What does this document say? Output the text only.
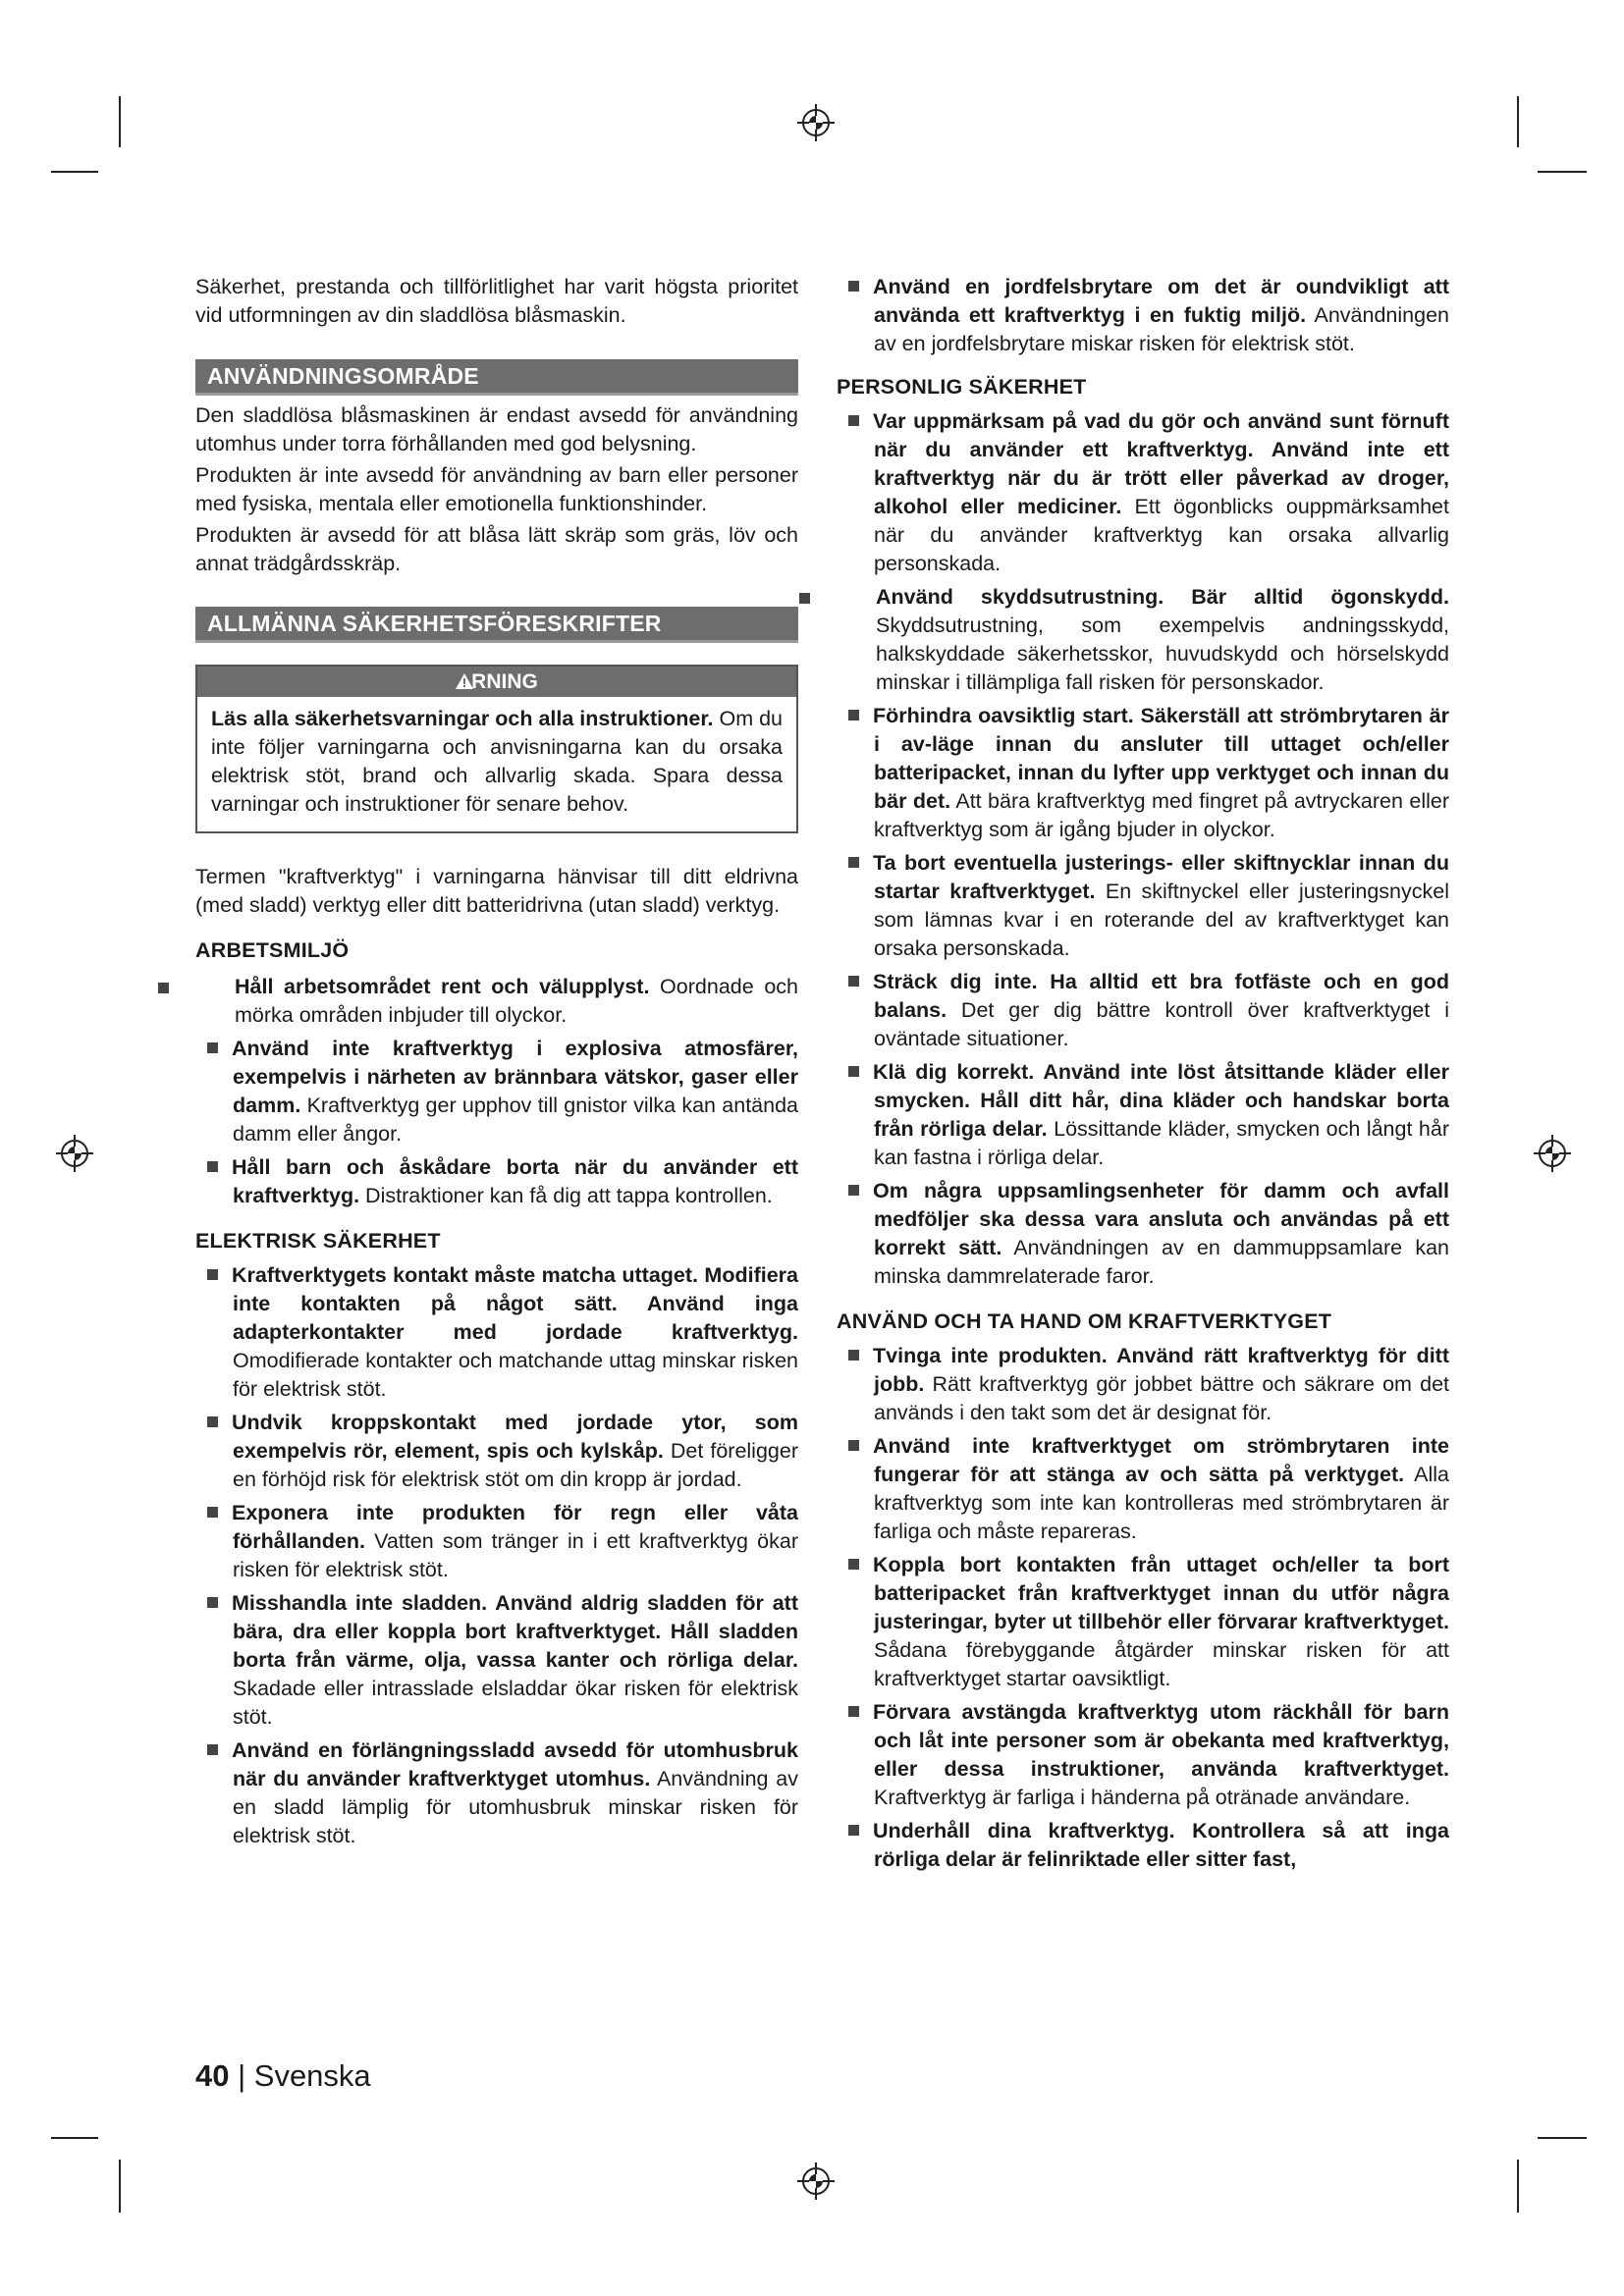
Säkerhet, prestanda och tillförlitlighet har varit högsta prioritet vid utformningen av din sladdlösa blåsmaskin.

ANVÄNDNINGSOMRÅDE

Den sladdlösa blåsmaskinen är endast avsedd för användning utomhus under torra förhållanden med god belysning.

Produkten är inte avsedd för användning av barn eller personer med fysiska, mentala eller emotionella funktionshinder.

Produkten är avsedd för att blåsa lätt skräp som gräs, löv och annat trädgårdsskräp.

ALLMÄNNA SÄKERHETSFÖRESKRIFTER
RNING
Läs alla säkerhetsvarningar och alla instruktioner. Om du inte följer varningarna och anvisningarna kan du orsaka elektrisk stöt, brand och allvarlig skada. Spara dessa varningar och instruktioner för senare behov.

Termen "kraftverktyg" i varningarna hänvisar till ditt eldrivna (med sladd) verktyg eller ditt batteridrivna (utan sladd) verktyg.

ARBETSMILJÖ
Håll arbetsområdet rent och välupplyst. Oordnade och mörka områden inbjuder till olyckor.
Använd inte kraftverktyg i explosiva atmosfärer, exempelvis i närheten av brännbara vätskor, gaser eller damm. Kraftverktyg ger upphov till gnistor vilka kan antända damm eller ångor.
Håll barn och åskådare borta när du använder ett kraftverktyg. Distraktioner kan få dig att tappa kontrollen.
ELEKTRISK SÄKERHET
Kraftverktygets kontakt måste matcha uttaget. Modifiera inte kontakten på något sätt. Använd inga adapterkontakter med jordade kraftverktyg. Omodifierade kontakter och matchande uttag minskar risken för elektrisk stöt.
Undvik kroppskontakt med jordade ytor, som exempelvis rör, element, spis och kylskåp. Det föreligger en förhöjd risk för elektrisk stöt om din kropp är jordad.
Exponera inte produkten för regn eller våta förhållanden. Vatten som tränger in i ett kraftverktyg ökar risken för elektrisk stöt.
Misshandla inte sladden. Använd aldrig sladden för att bära, dra eller koppla bort kraftverktyget. Håll sladden borta från värme, olja, vassa kanter och rörliga delar. Skadade eller intrasslade elsladdar ökar risken för elektrisk stöt.
Använd en förlängningssladd avsedd för utomhusbruk när du använder kraftverktyget utomhus. Användning av en sladd lämplig för utomhusbruk minskar risken för elektrisk stöt.
Använd en jordfelsbrytare om det är oundvikligt att använda ett kraftverktyg i en fuktig miljö. Användningen av en jordfelsbrytare miskar risken för elektrisk stöt.
PERSONLIG SÄKERHET
Var uppmärksam på vad du gör och använd sunt förnuft när du använder ett kraftverktyg. Använd inte ett kraftverktyg när du är trött eller påverkad av droger, alkohol eller mediciner. Ett ögonblicks ouppmärksamhet när du använder kraftverktyg kan orsaka allvarlig personskada.
Använd skyddsutrustning. Bär alltid ögonskydd. Skyddsutrustning, som exempelvis andningsskydd, halkskyddade säkerhetsskor, huvudskydd och hörselskydd minskar i tillämpliga fall risken för personskador.
Förhindra oavsiktlig start. Säkerställ att strömbrytaren är i av-läge innan du ansluter till uttaget och/eller batteripacket, innan du lyfter upp verktyget och innan du bär det. Att bära kraftverktyg med fingret på avtryckaren eller kraftverktyg som är igång bjuder in olyckor.
Ta bort eventuella justerings- eller skiftnycklar innan du startar kraftverktyget. En skiftnyckel eller justeringsnyckel som lämnas kvar i en roterande del av kraftverktyget kan orsaka personskada.
Sträck dig inte. Ha alltid ett bra fotfäste och en god balans. Det ger dig bättre kontroll över kraftverktyget i oväntade situationer.
Klä dig korrekt. Använd inte löst åtsittande kläder eller smycken. Håll ditt hår, dina kläder och handskar borta från rörliga delar. Lössittande kläder, smycken och långt hår kan fastna i rörliga delar.
Om några uppsamlingsenheter för damm och avfall medföljer ska dessa vara ansluta och användas på ett korrekt sätt. Användningen av en dammuppsamlare kan minska dammrelaterade faror.
ANVÄND OCH TA HAND OM KRAFTVERKTYGET
Tvinga inte produkten. Använd rätt kraftverktyg för ditt jobb. Rätt kraftverktyg gör jobbet bättre och säkrare om det används i den takt som det är designat för.
Använd inte kraftverktyget om strömbrytaren inte fungerar för att stänga av och sätta på verktyget. Alla kraftverktyg som inte kan kontrolleras med strömbrytaren är farliga och måste repareras.
Koppla bort kontakten från uttaget och/eller ta bort batteripacket från kraftverktyget innan du utför några justeringar, byter ut tillbehör eller förvarar kraftverktyget. Sådana förebyggande åtgärder minskar risken för att kraftverktyget startar oavsiktligt.
Förvara avstängda kraftverktyg utom räckhåll för barn och låt inte personer som är obekanta med kraftverktyg, eller dessa instruktioner, använda kraftverktyget. Kraftverktyg är farliga i händerna på otränade användare.
Underhåll dina kraftverktyg. Kontrollera så att inga rörliga delar är felinriktade eller sitter fast,
40 | Svenska
